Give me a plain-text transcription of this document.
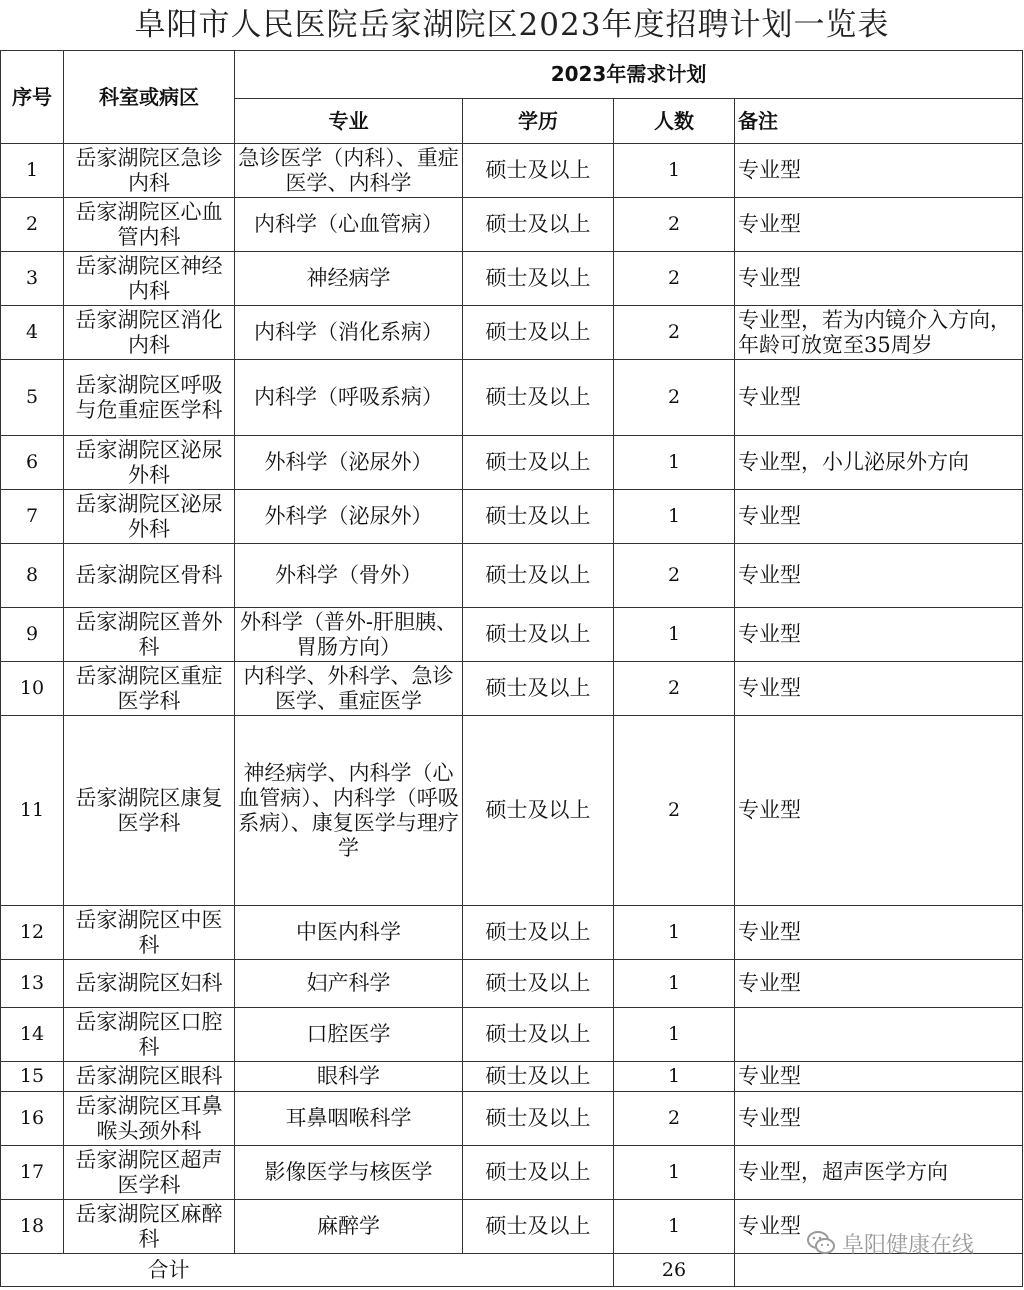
阜阳市人民医院岳家湖院区2023年度招聘计划一览表
序号	科室或病区	2023年需求计划			
		专业	学历	人数	备注
1	岳家湖院区急诊内科	急诊医学（内科）、重症医学、内科学	硕士及以上	1	专业型
2	岳家湖院区心血管内科	内科学（心血管病）	硕士及以上	2	专业型
3	岳家湖院区神经内科	神经病学	硕士及以上	2	专业型
4	岳家湖院区消化内科	内科学（消化系病）	硕士及以上	2	专业型，若为内镜介入方向，年龄可放宽至35周岁
5	岳家湖院区呼吸与危重症医学科	内科学（呼吸系病）	硕士及以上	2	专业型
6	岳家湖院区泌尿外科	外科学（泌尿外）	硕士及以上	1	专业型，小儿泌尿外方向
7	岳家湖院区泌尿外科	外科学（泌尿外）	硕士及以上	1	专业型
8	岳家湖院区骨科	外科学（骨外）	硕士及以上	2	专业型
9	岳家湖院区普外科	外科学（普外-肝胆胰、胃肠方向）	硕士及以上	1	专业型
10	岳家湖院区重症医学科	内科学、外科学、急诊医学、重症医学	硕士及以上	2	专业型
11	岳家湖院区康复医学科	神经病学、内科学（心血管病）、内科学（呼吸系病）、康复医学与理疗学	硕士及以上	2	专业型
12	岳家湖院区中医科	中医内科学	硕士及以上	1	专业型
13	岳家湖院区妇科	妇产科学	硕士及以上	1	专业型
14	岳家湖院区口腔科	口腔医学	硕士及以上	1	
15	岳家湖院区眼科	眼科学	硕士及以上	1	专业型
16	岳家湖院区耳鼻喉头颈外科	耳鼻咽喉科学	硕士及以上	2	专业型
17	岳家湖院区超声医学科	影像医学与核医学	硕士及以上	1	专业型，超声医学方向
18	岳家湖院区麻醉科	麻醉学	硕士及以上	1	专业型
合计				26	
阜阳健康在线
